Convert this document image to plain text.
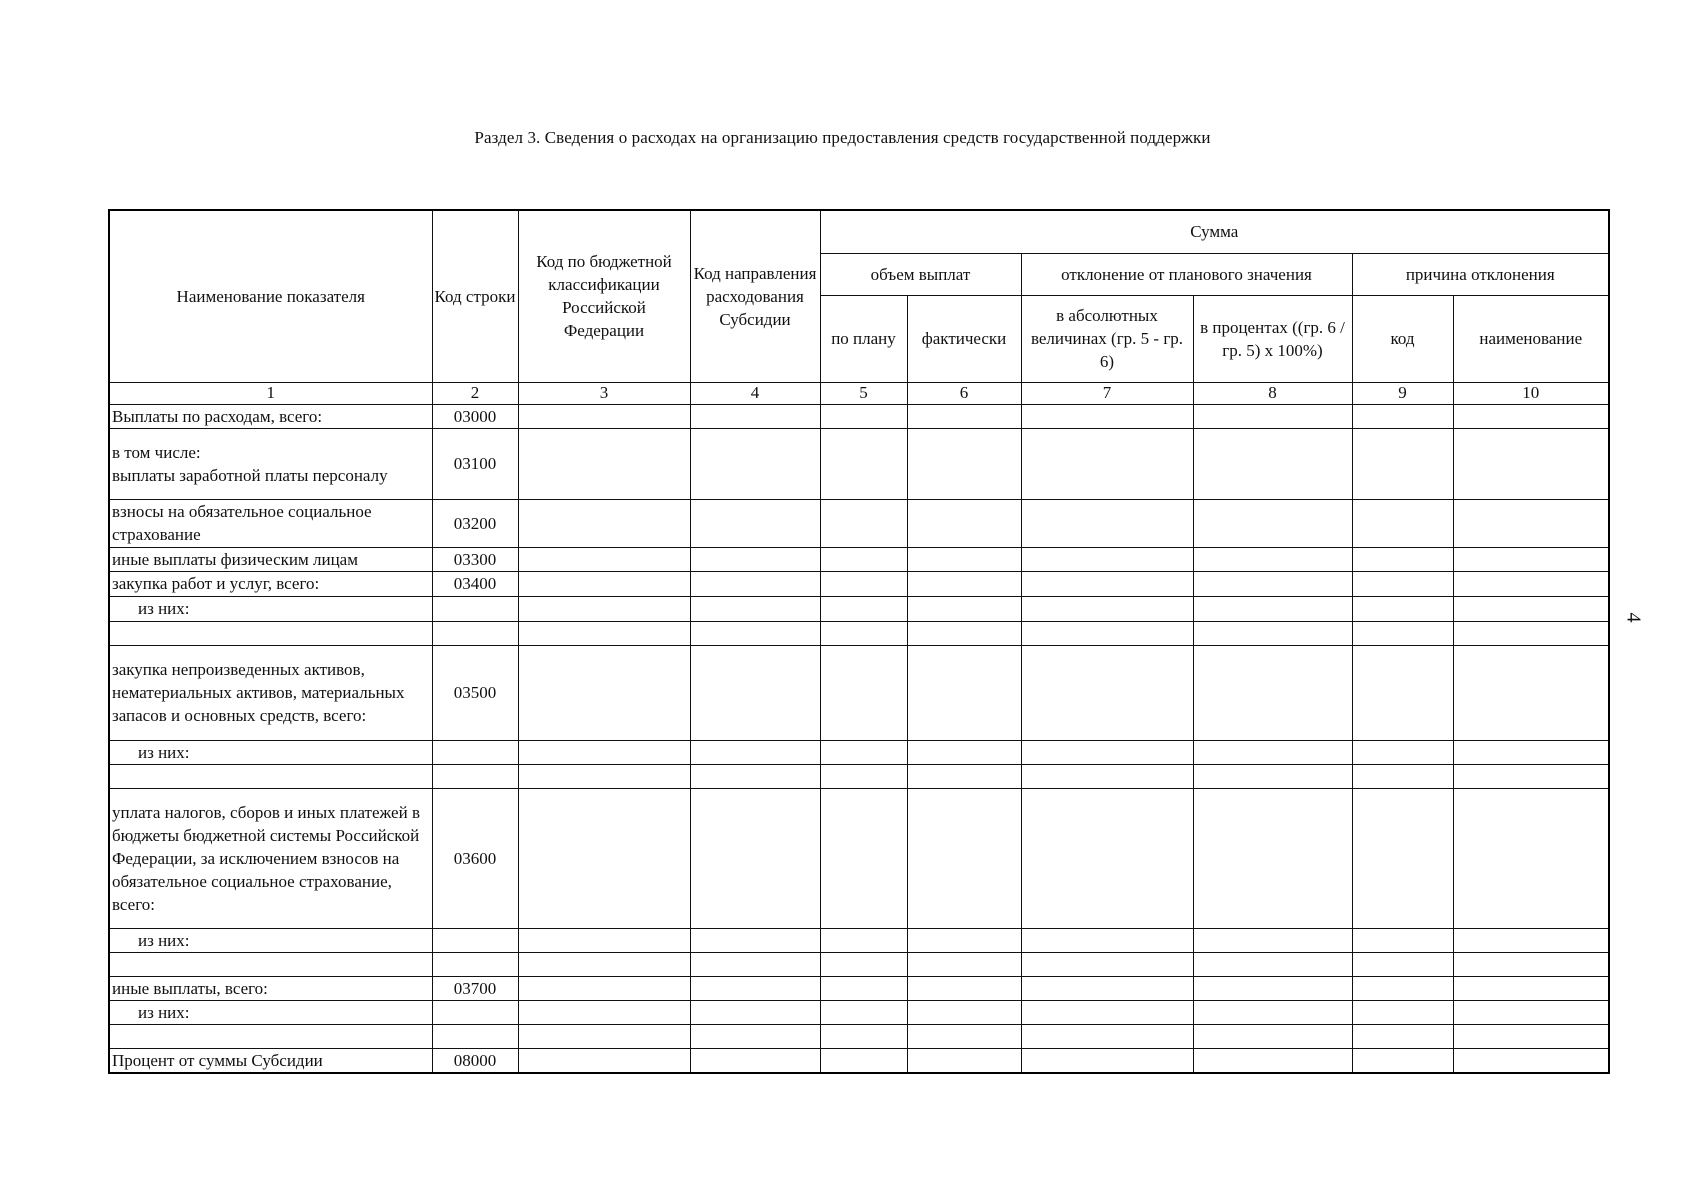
Раздел 3. Сведения о расходах на организацию предоставления средств государственной поддержки
4
Наименование показателя	Код строки	Код по бюджетной классификации Российской Федерации	Код направления расходования Субсидии	Сумма					
				объем выплат		отклонение от планового значения		причина отклонения	
				по плану	фактически	в абсолютных величинах (гр. 5 - гр. 6)	в процентах ((гр. 6 / гр. 5) х 100%)	код	наименование
1	2	3	4	5	6	7	8	9	10
Выплаты по расходам, всего:	03000								
в том числе:
выплаты заработной платы персоналу	03100								
взносы на обязательное социальное страхование	03200								
иные выплаты физическим лицам	03300								
закупка работ и услуг, всего:	03400								
из них:									

закупка непроизведенных активов, нематериальных активов, материальных запасов и основных средств, всего:	03500								
из них:									

уплата налогов, сборов и иных платежей в бюджеты бюджетной системы Российской Федерации, за исключением взносов на обязательное социальное страхование, всего:	03600								
из них:									

иные выплаты, всего:	03700								
из них:									

Процент от суммы Субсидии	08000								
